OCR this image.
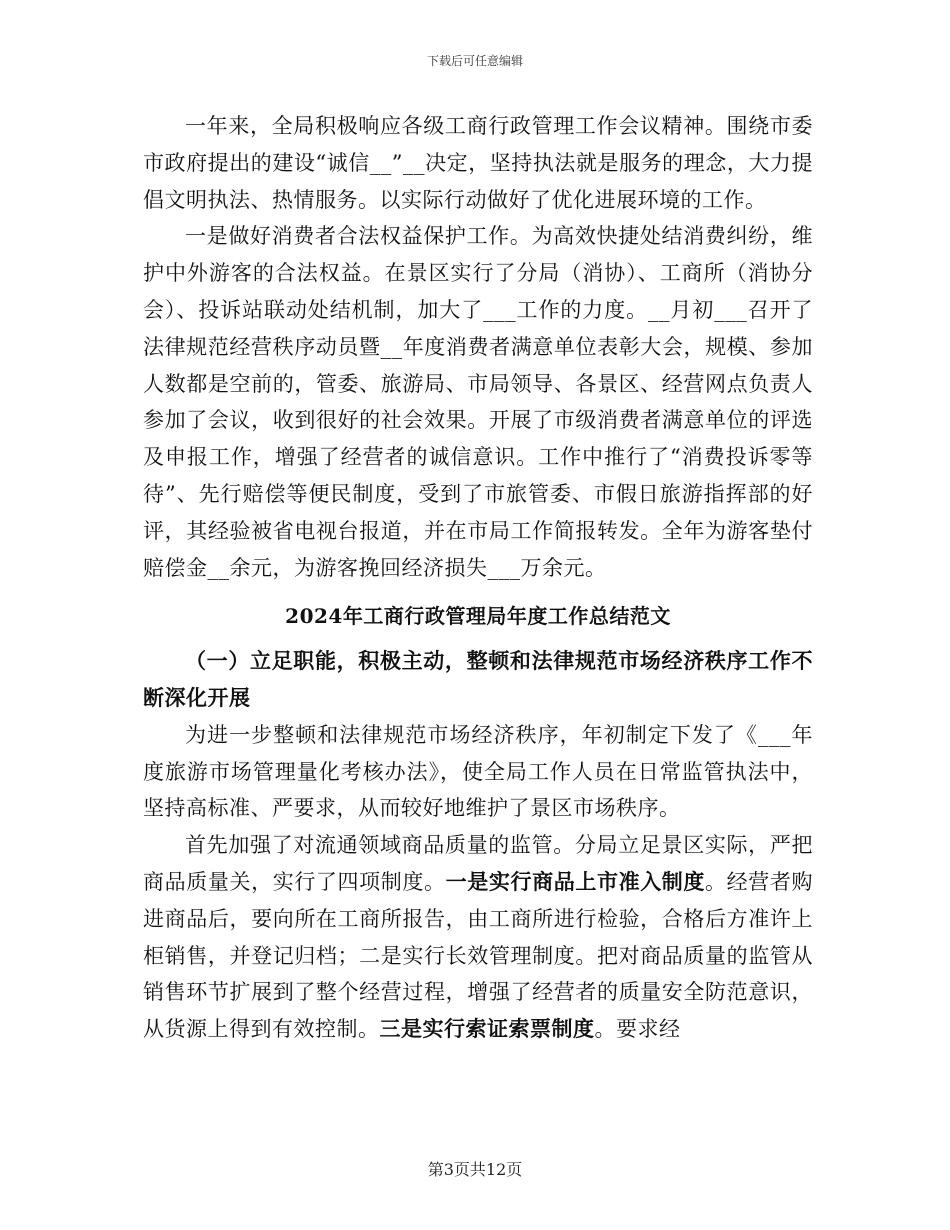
下载后可任意编辑

一年来，全局积极响应各级工商行政管理工作会议精神。围绕市委市政府提出的建设“诚信__”__决定，坚持执法就是服务的理念，大力提倡文明执法、热情服务。以实际行动做好了优化进展环境的工作。

一是做好消费者合法权益保护工作。为高效快捷处结消费纠纷，维护中外游客的合法权益。在景区实行了分局（消协）、工商所（消协分会）、投诉站联动处结机制，加大了___工作的力度。__月初___召开了法律规范经营秩序动员暨__年度消费者满意单位表彰大会，规模、参加人数都是空前的，管委、旅游局、市局领导、各景区、经营网点负责人参加了会议，收到很好的社会效果。开展了市级消费者满意单位的评选及申报工作，增强了经营者的诚信意识。工作中推行了“消费投诉零等待”、先行赔偿等便民制度，受到了市旅管委、市假日旅游指挥部的好评，其经验被省电视台报道，并在市局工作简报转发。全年为游客垫付赔偿金__余元，为游客挽回经济损失___万余元。

2024年工商行政管理局年度工作总结范文

（一）立足职能，积极主动，整顿和法律规范市场经济秩序工作不断深化开展

为进一步整顿和法律规范市场经济秩序，年初制定下发了《___年度旅游市场管理量化考核办法》，使全局工作人员在日常监管执法中，坚持高标准、严要求，从而较好地维护了景区市场秩序。

首先加强了对流通领域商品质量的监管。分局立足景区实际，严把商品质量关，实行了四项制度。一是实行商品上市准入制度。经营者购进商品后，要向所在工商所报告，由工商所进行检验，合格后方准许上柜销售，并登记归档；二是实行长效管理制度。把对商品质量的监管从销售环节扩展到了整个经营过程，增强了经营者的质量安全防范意识，从货源上得到有效控制。三是实行索证索票制度。要求经

第3页共12页
